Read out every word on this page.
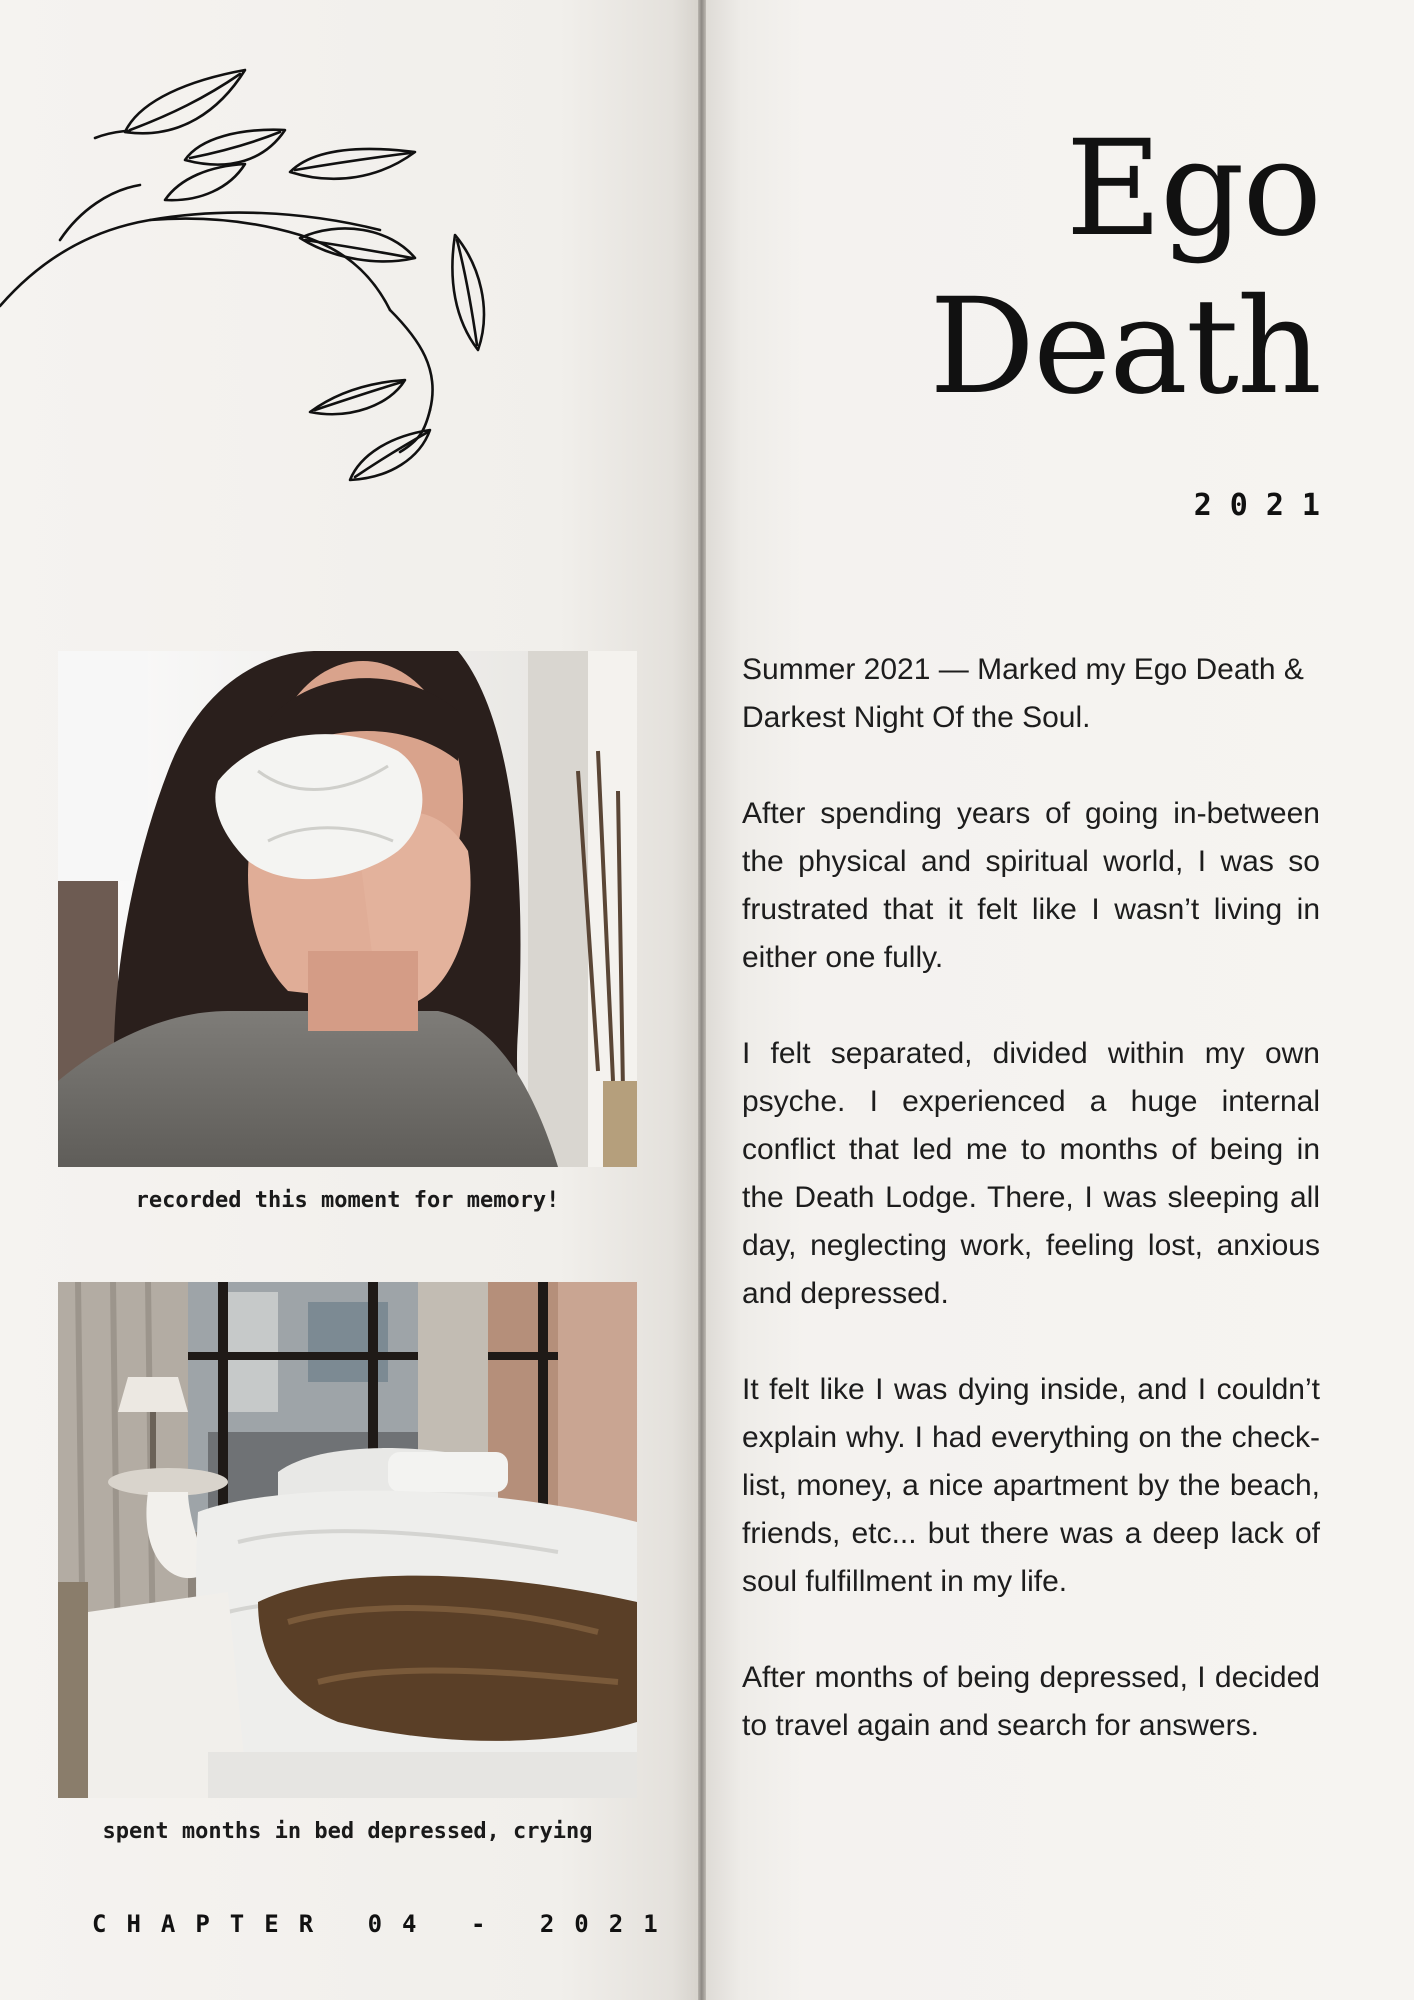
Ego
Death
2021

Summer 2021 — Marked my Ego Death & Darkest Night Of the Soul.

After spending years of going in-between the physical and spiritual world, I was so frustrated that it felt like I wasn’t living in either one fully.

I felt separated, divided within my own psyche. I experienced a huge internal conflict that led me to months of being in the Death Lodge. There, I was sleeping all day, neglecting work, feeling lost, anxious and depressed.

It felt like I was dying inside, and I couldn’t explain why. I had everything on the check-list, money, a nice apartment by the beach, friends, etc... but there was a deep lack of soul fulfillment in my life.

After months of being depressed, I decided to travel again and search for answers.

recorded this moment for memory!
spent months in bed depressed, crying
CHAPTER 04 - 2021
